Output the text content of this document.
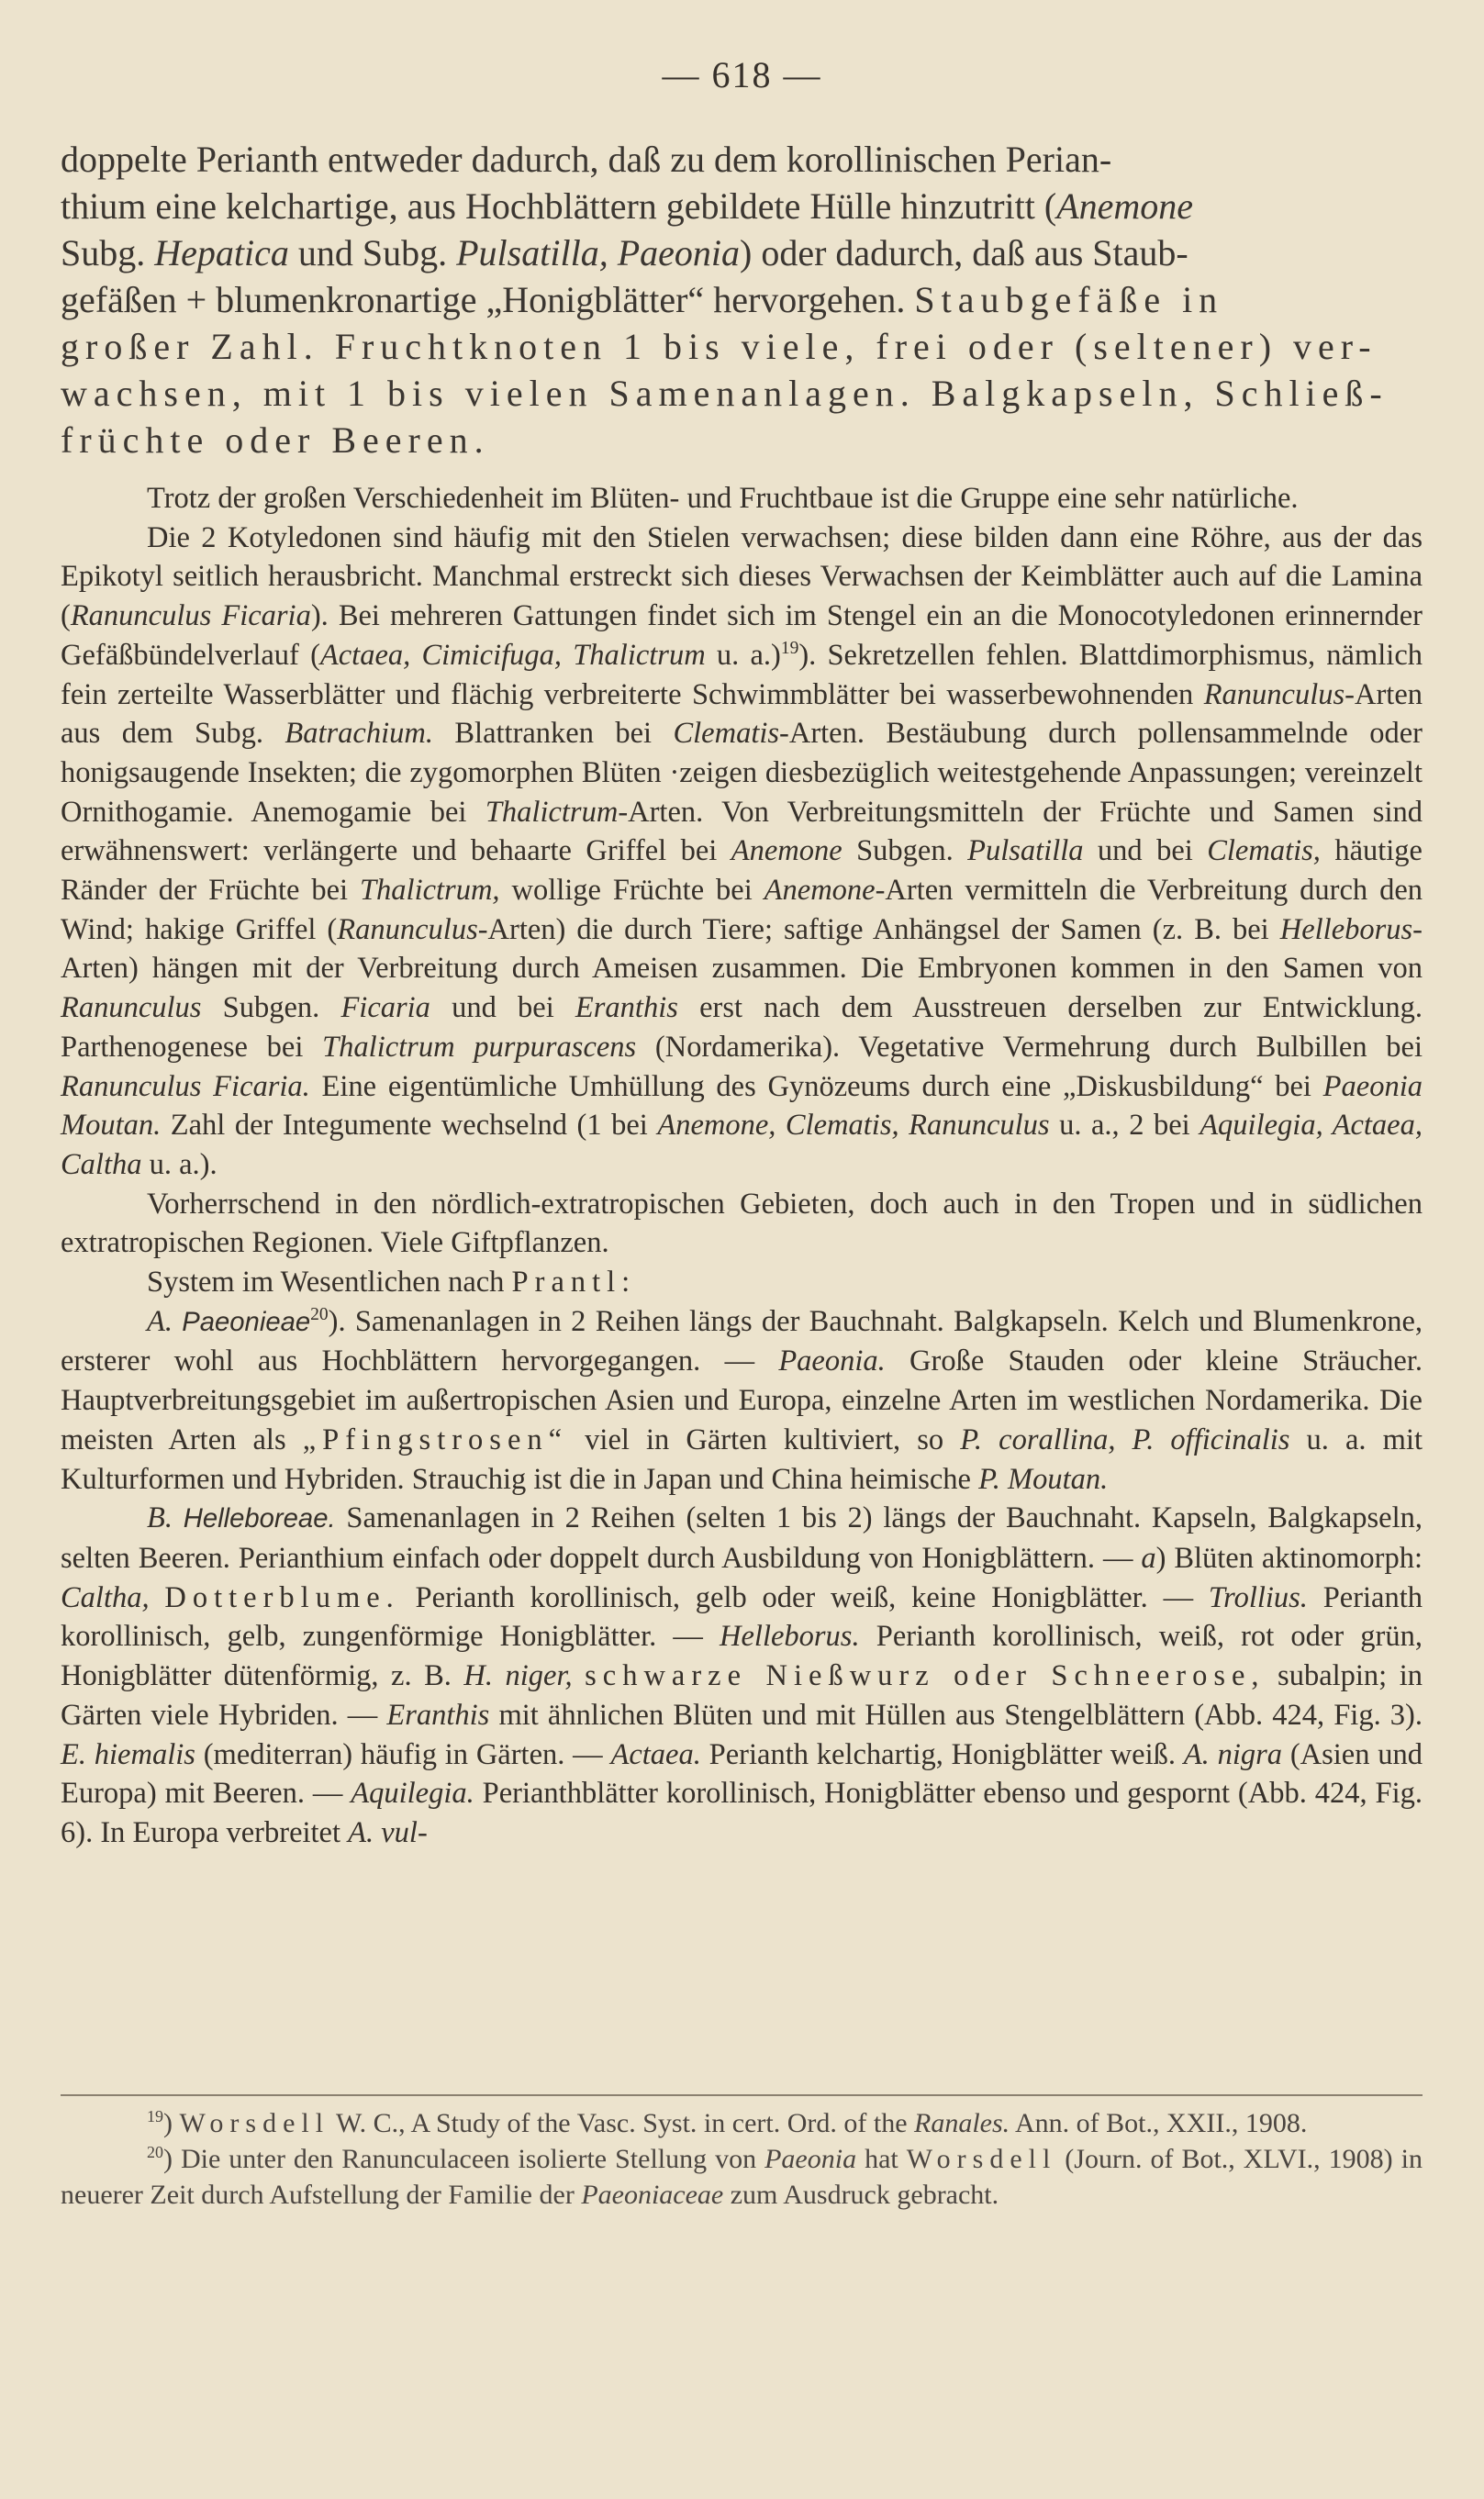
— 618 —

doppelte Perianth entweder dadurch, daß zu dem korollinischen Perian-

thium eine kelchartige, aus Hochblättern gebildete Hülle hinzutritt (Anemone

Subg. Hepatica und Subg. Pulsatilla, Paeonia) oder dadurch, daß aus Staub-

gefäßen + blumenkronartige „Honigblätter“ hervorgehen. Staubgefäße in

großer Zahl. Fruchtknoten 1 bis viele, frei oder (seltener) ver-

wachsen, mit 1 bis vielen Samenanlagen. Balgkapseln, Schließ-

früchte oder Beeren.

Trotz der großen Verschiedenheit im Blüten- und Fruchtbaue ist die Gruppe eine sehr natürliche.

Die 2 Kotyledonen sind häufig mit den Stielen verwachsen; diese bilden dann eine Röhre, aus der das Epikotyl seitlich herausbricht. Manchmal erstreckt sich dieses Verwachsen der Keimblätter auch auf die Lamina (Ranunculus Ficaria). Bei mehreren Gattungen findet sich im Stengel ein an die Monocotyledonen erinnernder Gefäßbündelverlauf (Actaea, Cimicifuga, Thalictrum u. a.)$^{19}$). Sekretzellen fehlen. Blattdimorphismus, nämlich fein zerteilte Wasserblätter und flächig verbreiterte Schwimmblätter bei wasserbewohnenden Ranunculus-Arten aus dem Subg. Batrachium. Blattranken bei Clematis-Arten. Bestäubung durch pollensammelnde oder honigsaugende Insekten; die zygomorphen Blüten ·zeigen diesbezüglich weitestgehende Anpassungen; vereinzelt Ornithogamie. Anemogamie bei Thalictrum-Arten. Von Verbreitungsmitteln der Früchte und Samen sind erwähnenswert: verlängerte und behaarte Griffel bei Anemone Subgen. Pulsatilla und bei Clematis, häutige Ränder der Früchte bei Thalictrum, wollige Früchte bei Anemone-Arten vermitteln die Verbreitung durch den Wind; hakige Griffel (Ranunculus-Arten) die durch Tiere; saftige Anhängsel der Samen (z. B. bei Helleborus-Arten) hängen mit der Verbreitung durch Ameisen zusammen. Die Embryonen kommen in den Samen von Ranunculus Subgen. Ficaria und bei Eranthis erst nach dem Ausstreuen derselben zur Entwicklung. Parthenogenese bei Thalictrum purpurascens (Nordamerika). Vegetative Vermehrung durch Bulbillen bei Ranunculus Ficaria. Eine eigentümliche Umhüllung des Gynözeums durch eine „Diskusbildung“ bei Paeonia Moutan. Zahl der Integumente wechselnd (1 bei Anemone, Clematis, Ranunculus u. a., 2 bei Aquilegia, Actaea, Caltha u. a.).

Vorherrschend in den nördlich-extratropischen Gebieten, doch auch in den Tropen und in südlichen extratropischen Regionen. Viele Giftpflanzen.

System im Wesentlichen nach Prantl:

A. Paeonieae$^{20}$). Samenanlagen in 2 Reihen längs der Bauchnaht. Balgkapseln. Kelch und Blumenkrone, ersterer wohl aus Hochblättern hervorgegangen. — Paeonia. Große Stauden oder kleine Sträucher. Hauptverbreitungsgebiet im außertropischen Asien und Europa, einzelne Arten im westlichen Nordamerika. Die meisten Arten als „Pfingstrosen“ viel in Gärten kultiviert, so P. corallina, P. officinalis u. a. mit Kulturformen und Hybriden. Strauchig ist die in Japan und China heimische P. Moutan.

B. Helleboreae. Samenanlagen in 2 Reihen (selten 1 bis 2) längs der Bauchnaht. Kapseln, Balgkapseln, selten Beeren. Perianthium einfach oder doppelt durch Ausbildung von Honigblättern. — a) Blüten aktinomorph: Caltha, Dotterblume. Perianth korollinisch, gelb oder weiß, keine Honigblätter. — Trollius. Perianth korollinisch, gelb, zungenförmige Honigblätter. — Helleborus. Perianth korollinisch, weiß, rot oder grün, Honigblätter dütenförmig, z. B. H. niger, schwarze Nießwurz oder Schneerose, subalpin; in Gärten viele Hybriden. — Eranthis mit ähnlichen Blüten und mit Hüllen aus Stengelblättern (Abb. 424, Fig. 3). E. hiemalis (mediterran) häufig in Gärten. — Actaea. Perianth kelchartig, Honigblätter weiß. A. nigra (Asien und Europa) mit Beeren. — Aquilegia. Perianthblätter korollinisch, Honigblätter ebenso und gespornt (Abb. 424, Fig. 6). In Europa verbreitet A. vul-

$^{19}$) Worsdell W. C., A Study of the Vasc. Syst. in cert. Ord. of the Ranales. Ann. of Bot., XXII., 1908.

$^{20}$) Die unter den Ranunculaceen isolierte Stellung von Paeonia hat Worsdell (Journ. of Bot., XLVI., 1908) in neuerer Zeit durch Aufstellung der Familie der Paeoniaceae zum Ausdruck gebracht.
